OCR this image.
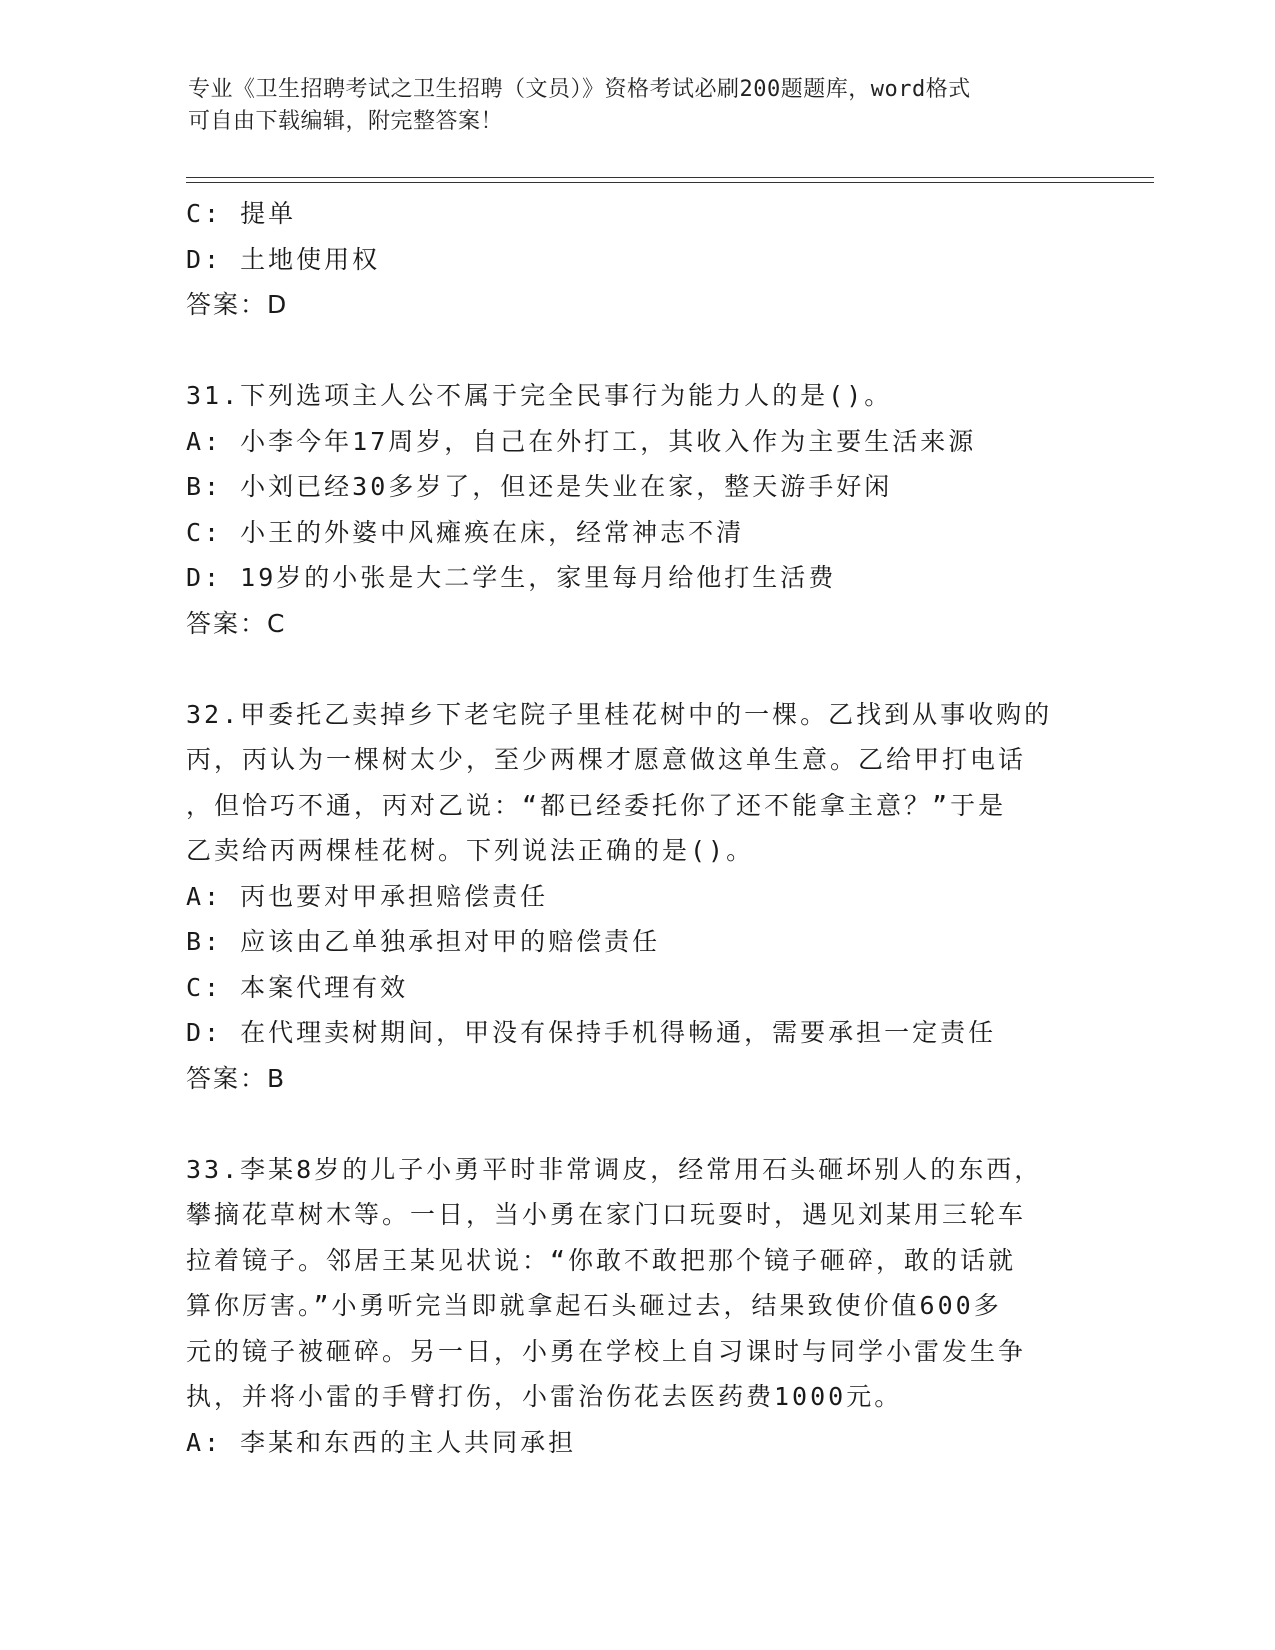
专业《卫生招聘考试之卫生招聘（文员）》资格考试必刷200题题库，word格式
可自由下载编辑，附完整答案！
C: 提单
D: 土地使用权
答案：D
31.下列选项主人公不属于完全民事行为能力人的是()。
A: 小李今年17周岁，自己在外打工，其收入作为主要生活来源
B: 小刘已经30多岁了，但还是失业在家，整天游手好闲
C: 小王的外婆中风瘫痪在床，经常神志不清
D: 19岁的小张是大二学生，家里每月给他打生活费
答案：C
32.甲委托乙卖掉乡下老宅院子里桂花树中的一棵。乙找到从事收购的
丙，丙认为一棵树太少，至少两棵才愿意做这单生意。乙给甲打电话
，但恰巧不通，丙对乙说：“都已经委托你了还不能拿主意？”于是
乙卖给丙两棵桂花树。下列说法正确的是()。
A: 丙也要对甲承担赔偿责任
B: 应该由乙单独承担对甲的赔偿责任
C: 本案代理有效
D: 在代理卖树期间，甲没有保持手机得畅通，需要承担一定责任
答案：B
33.李某8岁的儿子小勇平时非常调皮，经常用石头砸坏别人的东西，
攀摘花草树木等。一日，当小勇在家门口玩耍时，遇见刘某用三轮车
拉着镜子。邻居王某见状说：“你敢不敢把那个镜子砸碎，敢的话就
算你厉害。”小勇听完当即就拿起石头砸过去，结果致使价值600多
元的镜子被砸碎。另一日，小勇在学校上自习课时与同学小雷发生争
执，并将小雷的手臂打伤，小雷治伤花去医药费1000元。
A: 李某和东西的主人共同承担
